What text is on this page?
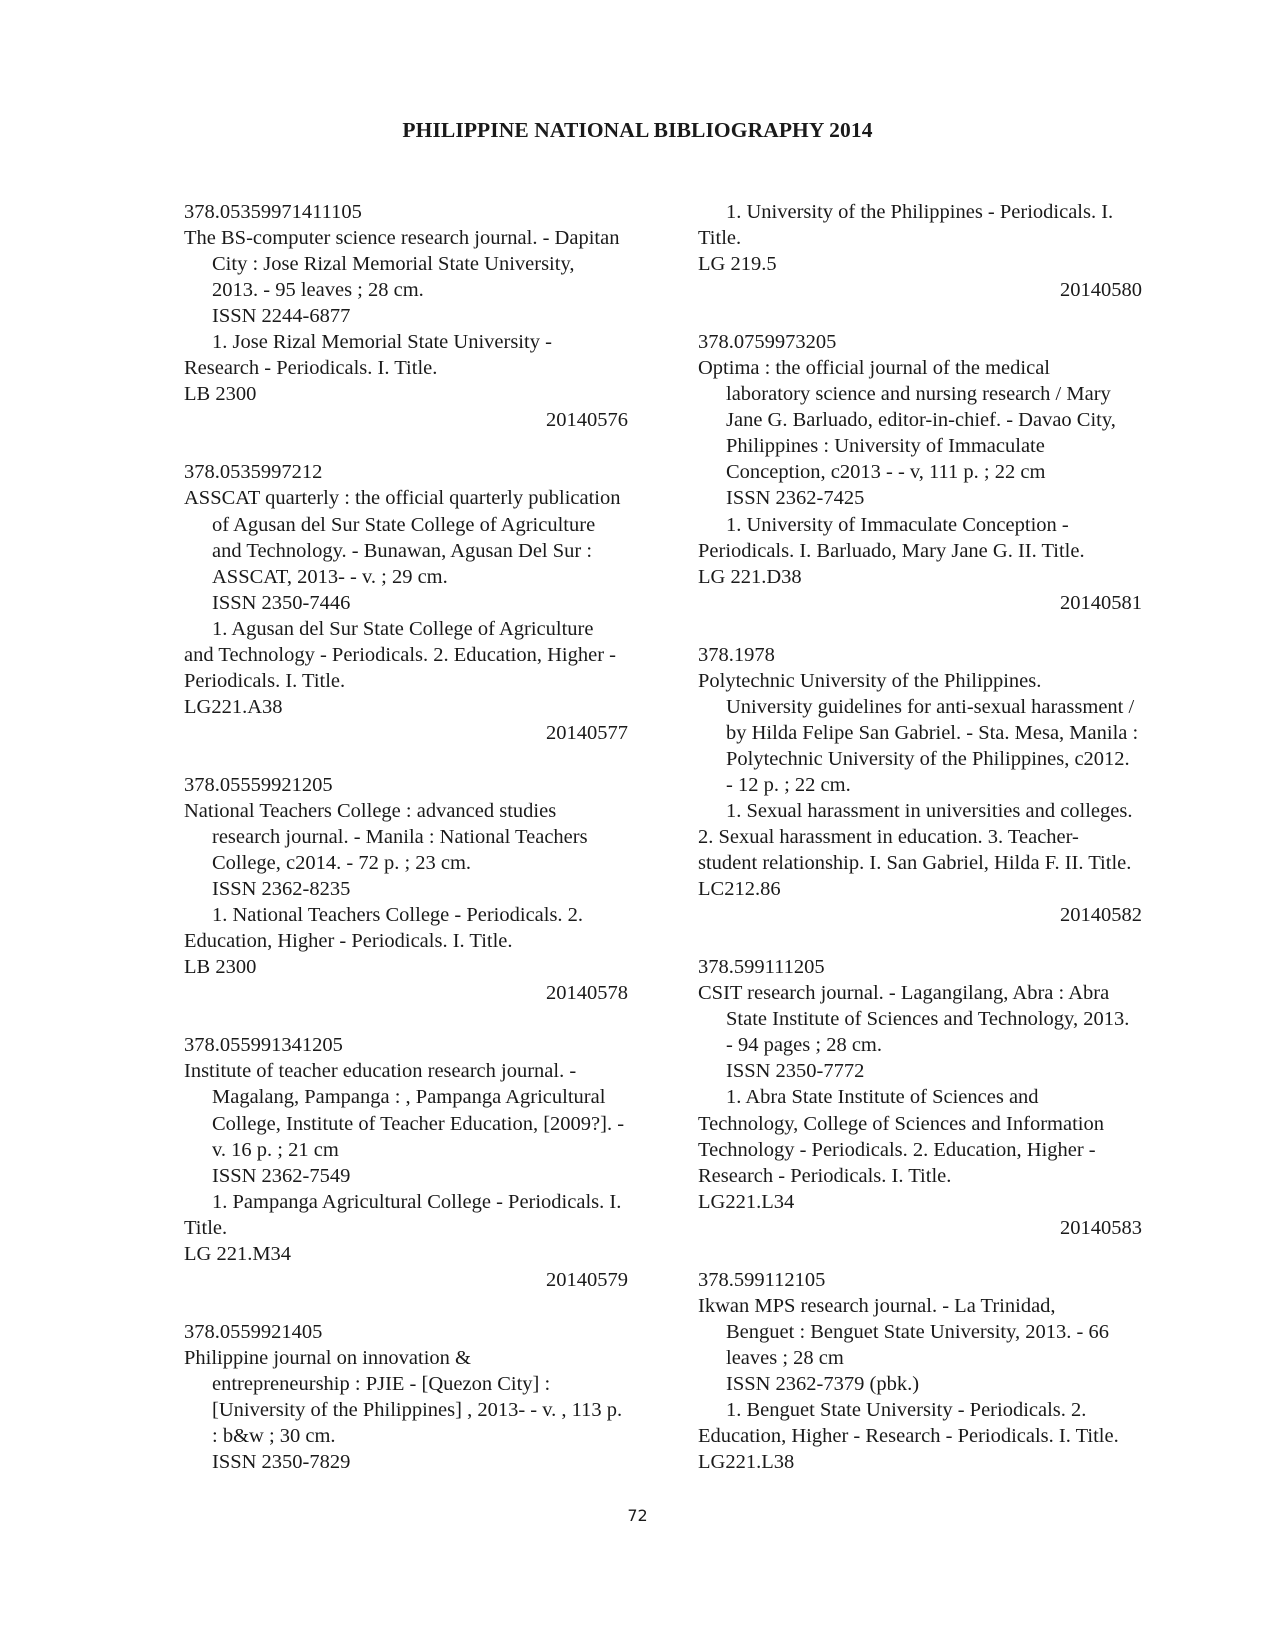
PHILIPPINE NATIONAL BIBLIOGRAPHY 2014
378.05359971411105
The BS-computer science research journal. - Dapitan
City : Jose Rizal Memorial State University,
2013. - 95 leaves ; 28 cm.
ISSN 2244-6877
1. Jose Rizal Memorial State University -
Research - Periodicals. I. Title.
LB 2300
20140576
378.0535997212
ASSCAT quarterly : the official quarterly publication
of Agusan del Sur State College of Agriculture
and Technology. - Bunawan, Agusan Del Sur :
ASSCAT, 2013- - v. ; 29 cm.
ISSN 2350-7446
1. Agusan del Sur State College of Agriculture
and Technology - Periodicals. 2. Education, Higher -
Periodicals. I. Title.
LG221.A38
20140577
378.05559921205
National Teachers College : advanced studies
research journal. - Manila : National Teachers
College, c2014. - 72 p. ; 23 cm.
ISSN 2362-8235
1. National Teachers College - Periodicals. 2.
Education, Higher - Periodicals. I. Title.
LB 2300
20140578
378.055991341205
Institute of teacher education research journal. -
Magalang, Pampanga : , Pampanga Agricultural
College, Institute of Teacher Education, [2009?]. -
v. 16 p. ; 21 cm
ISSN 2362-7549
1. Pampanga Agricultural College - Periodicals. I.
Title.
LG 221.M34
20140579
378.0559921405
Philippine journal on innovation &
entrepreneurship : PJIE - [Quezon City] :
[University of the Philippines] , 2013- - v. , 113 p.
: b&w ; 30 cm.
ISSN 2350-7829
1. University of the Philippines - Periodicals. I.
Title.
LG 219.5
20140580
378.0759973205
Optima : the official journal of the medical
laboratory science and nursing research / Mary
Jane G. Barluado, editor-in-chief. - Davao City,
Philippines : University of Immaculate
Conception, c2013 - - v, 111 p. ; 22 cm
ISSN 2362-7425
1. University of Immaculate Conception -
Periodicals. I. Barluado, Mary Jane G. II. Title.
LG 221.D38
20140581
378.1978
Polytechnic University of the Philippines.
University guidelines for anti-sexual harassment /
by Hilda Felipe San Gabriel. - Sta. Mesa, Manila :
Polytechnic University of the Philippines, c2012.
- 12 p. ; 22 cm.
1. Sexual harassment in universities and colleges.
2. Sexual harassment in education. 3. Teacher-
student relationship. I. San Gabriel, Hilda F. II. Title.
LC212.86
20140582
378.599111205
CSIT research journal. - Lagangilang, Abra : Abra
State Institute of Sciences and Technology, 2013.
- 94 pages ; 28 cm.
ISSN 2350-7772
1. Abra State Institute of Sciences and
Technology, College of Sciences and Information
Technology - Periodicals. 2. Education, Higher -
Research - Periodicals. I. Title.
LG221.L34
20140583
378.599112105
Ikwan MPS research journal. - La Trinidad,
Benguet : Benguet State University, 2013. - 66
leaves ; 28 cm
ISSN 2362-7379 (pbk.)
1. Benguet State University - Periodicals. 2.
Education, Higher - Research - Periodicals. I. Title.
LG221.L38
72
